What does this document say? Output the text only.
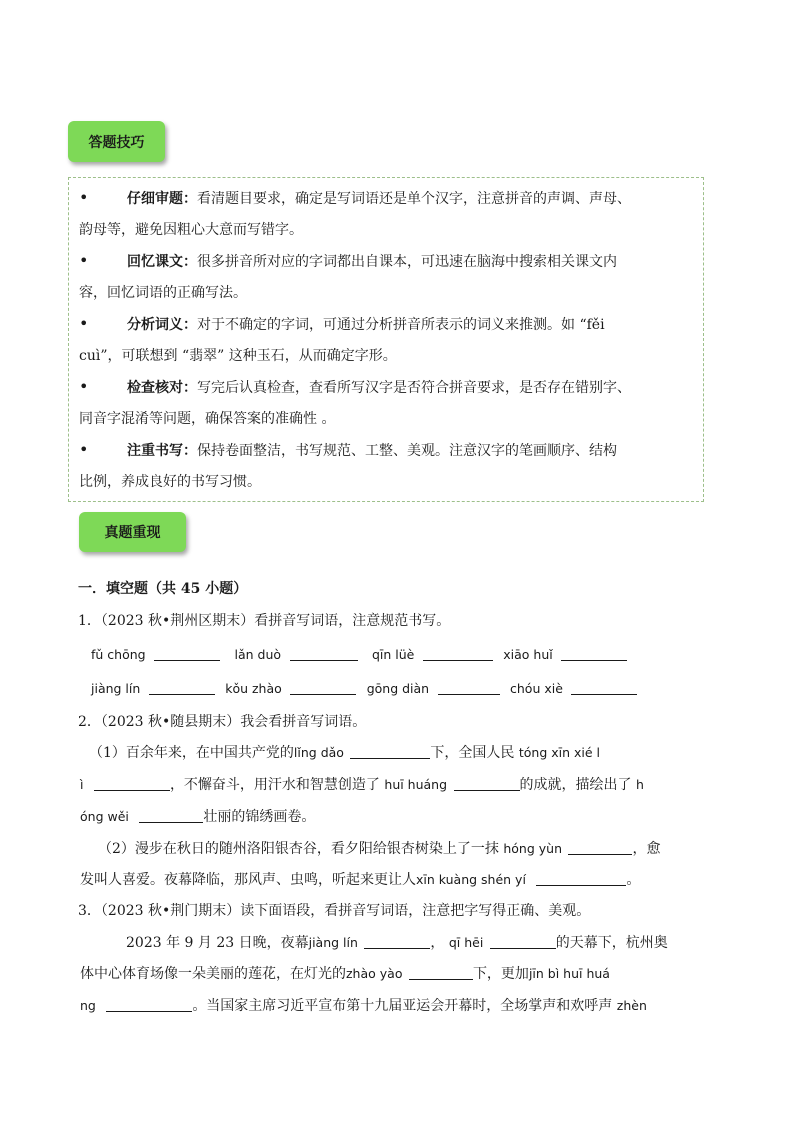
答题技巧
•	仔细审题：看清题目要求，确定是写词语还是单个汉字，注意拼音的声调、声母、
韵母等，避免因粗心大意而写错字。
•	回忆课文：很多拼音所对应的字词都出自课本，可迅速在脑海中搜索相关课文内
容，回忆词语的正确写法。
•	分析词义：对于不确定的字词，可通过分析拼音所表示的词义来推测。如 “fěi
cuì”，可联想到 “翡翠” 这种玉石，从而确定字形。
•	检查核对：写完后认真检查，查看所写汉字是否符合拼音要求，是否存在错别字、
同音字混淆等问题，确保答案的准确性 。
•	注重书写：保持卷面整洁，书写规范、工整、美观。注意汉字的笔画顺序、结构
比例，养成良好的书写习惯。
真题重现
一．填空题（共 45 小题）
1．（2023 秋•荆州区期末）看拼音写词语，注意规范书写。
fǔ chōng	lǎn duò	qīn lüè	xiāo huǐ
jiàng lín	kǒu zhào	gōng diàn	chóu xiè
2．（2023 秋•随县期末）我会看拼音写词语。
（1）百余年来，在中国共产党的lǐng dǎo	下，全国人民 tóng xīn xié l
ì	，不懈奋斗，用汗水和智慧创造了 huī huáng	的成就，描绘出了 h
óng wěi	壮丽的锦绣画卷。
（2）漫步在秋日的随州洛阳银杏谷，看夕阳给银杏树染上了一抹 hóng yùn	，愈
发叫人喜爱。夜幕降临，那风声、虫鸣，听起来更让人xīn kuàng shén yí	。
3．（2023 秋•荆门期末）读下面语段，看拼音写词语，注意把字写得正确、美观。
2023 年 9 月 23 日晚，夜幕jiàng lín	， qī hēi	的天幕下，杭州奥
体中心体育场像一朵美丽的莲花，在灯光的zhào yào	下，更加jīn bì huī huá
ng	。当国家主席习近平宣布第十九届亚运会开幕时，全场掌声和欢呼声 zhèn
